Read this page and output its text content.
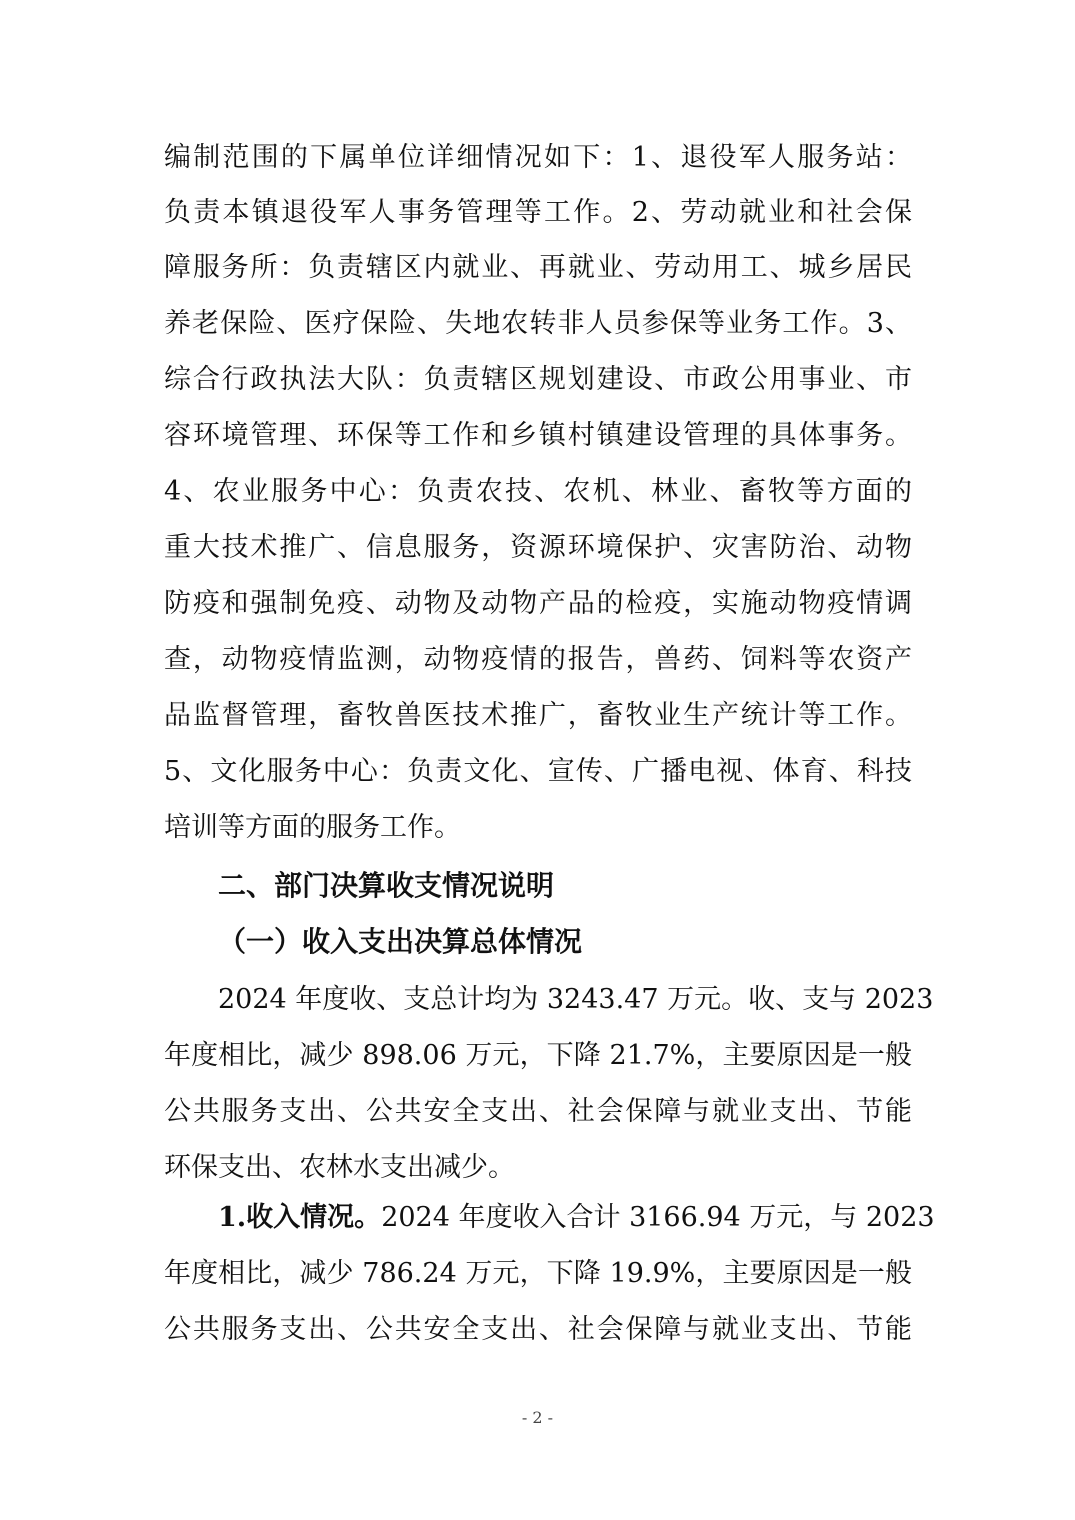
编制范围的下属单位详细情况如下：1、退役军人服务站：
负责本镇退役军人事务管理等工作。2、劳动就业和社会保
障服务所：负责辖区内就业、再就业、劳动用工、城乡居民
养老保险、医疗保险、失地农转非人员参保等业务工作。3、
综合行政执法大队：负责辖区规划建设、市政公用事业、市
容环境管理、环保等工作和乡镇村镇建设管理的具体事务。
4、农业服务中心：负责农技、农机、林业、畜牧等方面的
重大技术推广、信息服务，资源环境保护、灾害防治、动物
防疫和强制免疫、动物及动物产品的检疫，实施动物疫情调
查，动物疫情监测，动物疫情的报告，兽药、饲料等农资产
品监督管理，畜牧兽医技术推广，畜牧业生产统计等工作。
5、文化服务中心：负责文化、宣传、广播电视、体育、科技
培训等方面的服务工作。
二、部门决算收支情况说明
（一）收入支出决算总体情况
2024 年度收、支总计均为 3243.47 万元。收、支与 2023
年度相比，减少 898.06 万元，下降 21.7%，主要原因是一般
公共服务支出、公共安全支出、社会保障与就业支出、节能
环保支出、农林水支出减少。
1.收入情况。2024 年度收入合计 3166.94 万元，与 2023
年度相比，减少 786.24 万元，下降 19.9%，主要原因是一般
公共服务支出、公共安全支出、社会保障与就业支出、节能
- 2 -
